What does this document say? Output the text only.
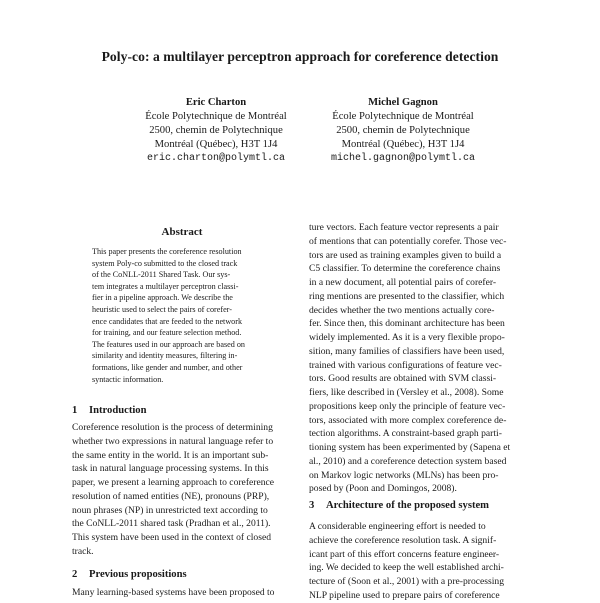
Poly-co: a multilayer perceptron approach for coreference detection
Eric Charton
École Polytechnique de Montréal
2500, chemin de Polytechnique
Montréal (Québec), H3T 1J4
eric.charton@polymtl.ca
Michel Gagnon
École Polytechnique de Montréal
2500, chemin de Polytechnique
Montréal (Québec), H3T 1J4
michel.gagnon@polymtl.ca
Abstract
This paper presents the coreference resolution
system Poly-co submitted to the closed track
of the CoNLL-2011 Shared Task. Our sys-
tem integrates a multilayer perceptron classi-
fier in a pipeline approach. We describe the
heuristic used to select the pairs of corefer-
ence candidates that are feeded to the network
for training, and our feature selection method.
The features used in our approach are based on
similarity and identity measures, filtering in-
formations, like gender and number, and other
syntactic information.
1 Introduction
Coreference resolution is the process of determining
whether two expressions in natural language refer to
the same entity in the world. It is an important sub-
task in natural language processing systems. In this
paper, we present a learning approach to coreference
resolution of named entities (NE), pronouns (PRP),
noun phrases (NP) in unrestricted text according to
the CoNLL-2011 shared task (Pradhan et al., 2011).
This system have been used in the context of closed
track.
2 Previous propositions
Many learning-based systems have been proposed to
ture vectors. Each feature vector represents a pair
of mentions that can potentially corefer. Those vec-
tors are used as training examples given to build a
C5 classifier. To determine the coreference chains
in a new document, all potential pairs of corefer-
ring mentions are presented to the classifier, which
decides whether the two mentions actually core-
fer. Since then, this dominant architecture has been
widely implemented. As it is a very flexible propo-
sition, many families of classifiers have been used,
trained with various configurations of feature vec-
tors. Good results are obtained with SVM classi-
fiers, like described in (Versley et al., 2008). Some
propositions keep only the principle of feature vec-
tors, associated with more complex coreference de-
tection algorithms. A constraint-based graph parti-
tioning system has been experimented by (Sapena et
al., 2010) and a coreference detection system based
on Markov logic networks (MLNs) has been pro-
posed by (Poon and Domingos, 2008).
3 Architecture of the proposed system
A considerable engineering effort is needed to
achieve the coreference resolution task. A signif-
icant part of this effort concerns feature engineer-
ing. We decided to keep the well established archi-
tecture of (Soon et al., 2001) with a pre-processing
NLP pipeline used to prepare pairs of coreference
